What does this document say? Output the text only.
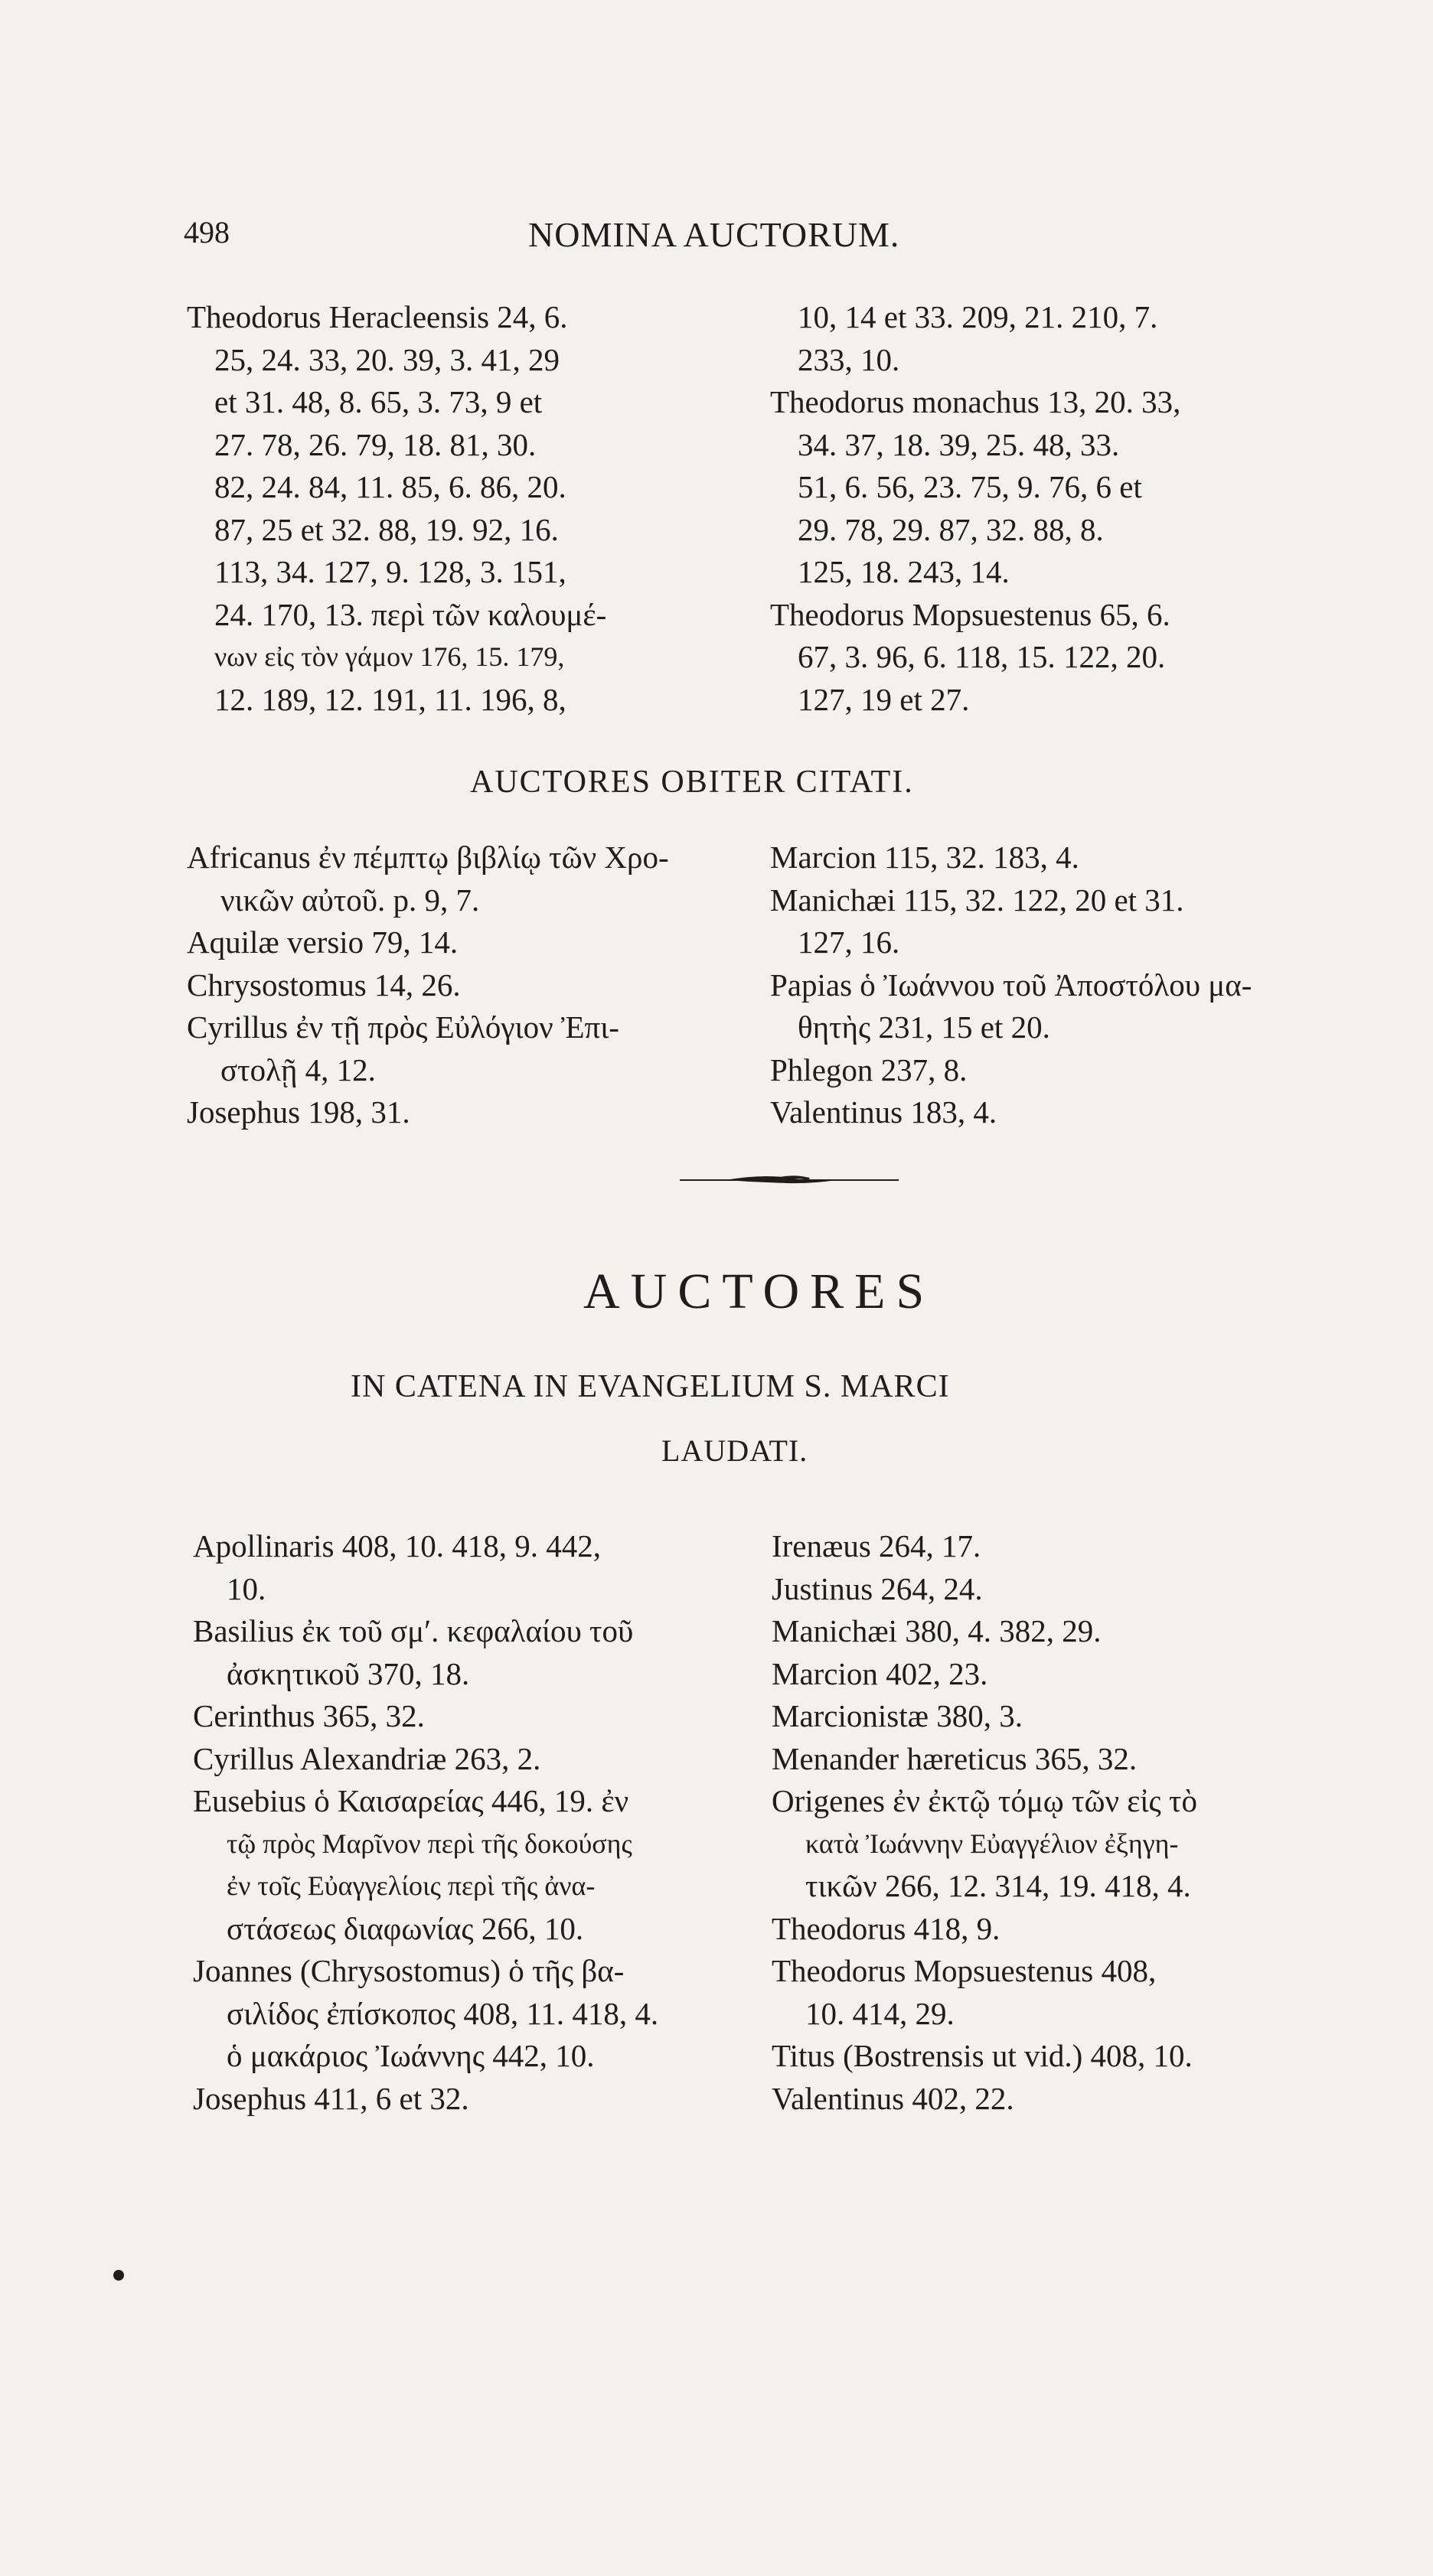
498	NOMINA AUCTORUM.
Theodorus Heracleensis 24, 6.
25, 24. 33, 20. 39, 3. 41, 29
et 31. 48, 8. 65, 3. 73, 9 et
27. 78, 26. 79, 18. 81, 30.
82, 24. 84, 11. 85, 6. 86, 20.
87, 25 et 32. 88, 19. 92, 16.
113, 34. 127, 9. 128, 3. 151,
24. 170, 13. περὶ τῶν καλουμέ-
νων εἰς τὸν γάμον 176, 15. 179,
12. 189, 12. 191, 11. 196, 8,
10, 14 et 33. 209, 21. 210, 7.
233, 10.
Theodorus monachus 13, 20. 33,
34. 37, 18. 39, 25. 48, 33.
51, 6. 56, 23. 75, 9. 76, 6 et
29. 78, 29. 87, 32. 88, 8.
125, 18. 243, 14.
Theodorus Mopsuestenus 65, 6.
67, 3. 96, 6. 118, 15. 122, 20.
127, 19 et 27.
AUCTORES OBITER CITATI.
Africanus ἐν πέμπτῳ βιβλίῳ τῶν Χρο-
νικῶν αὐτοῦ. p. 9, 7.
Aquilæ versio 79, 14.
Chrysostomus 14, 26.
Cyrillus ἐν τῇ πρὸς Εὐλόγιον Ἐπι-
στολῇ 4, 12.
Josephus 198, 31.
Marcion 115, 32. 183, 4.
Manichæi 115, 32. 122, 20 et 31.
127, 16.
Papias ὁ Ἰωάννου τοῦ Ἀποστόλου μα-
θητὴς 231, 15 et 20.
Phlegon 237, 8.
Valentinus 183, 4.
AUCTORES
IN CATENA IN EVANGELIUM S. MARCI
LAUDATI.
Apollinaris 408, 10. 418, 9. 442,
10.
Basilius ἐκ τοῦ σμʹ. κεφαλαίου τοῦ
ἀσκητικοῦ 370, 18.
Cerinthus 365, 32.
Cyrillus Alexandriæ 263, 2.
Eusebius ὁ Καισαρείας 446, 19. ἐν
τῷ πρὸς Μαρῖνον περὶ τῆς δοκούσης
ἐν τοῖς Εὐαγγελίοις περὶ τῆς ἀνα-
στάσεως διαφωνίας 266, 10.
Joannes (Chrysostomus) ὁ τῆς βα-
σιλίδος ἐπίσκοπος 408, 11. 418, 4.
ὁ μακάριος Ἰωάννης 442, 10.
Josephus 411, 6 et 32.
Irenæus 264, 17.
Justinus 264, 24.
Manichæi 380, 4. 382, 29.
Marcion 402, 23.
Marcionistæ 380, 3.
Menander hæreticus 365, 32.
Origenes ἐν ἐκτῷ τόμῳ τῶν εἰς τὸ
κατὰ Ἰωάννην Εὐαγγέλιον ἐξηγη-
τικῶν 266, 12. 314, 19. 418, 4.
Theodorus 418, 9.
Theodorus Mopsuestenus 408,
10. 414, 29.
Titus (Bostrensis ut vid.) 408, 10.
Valentinus 402, 22.
